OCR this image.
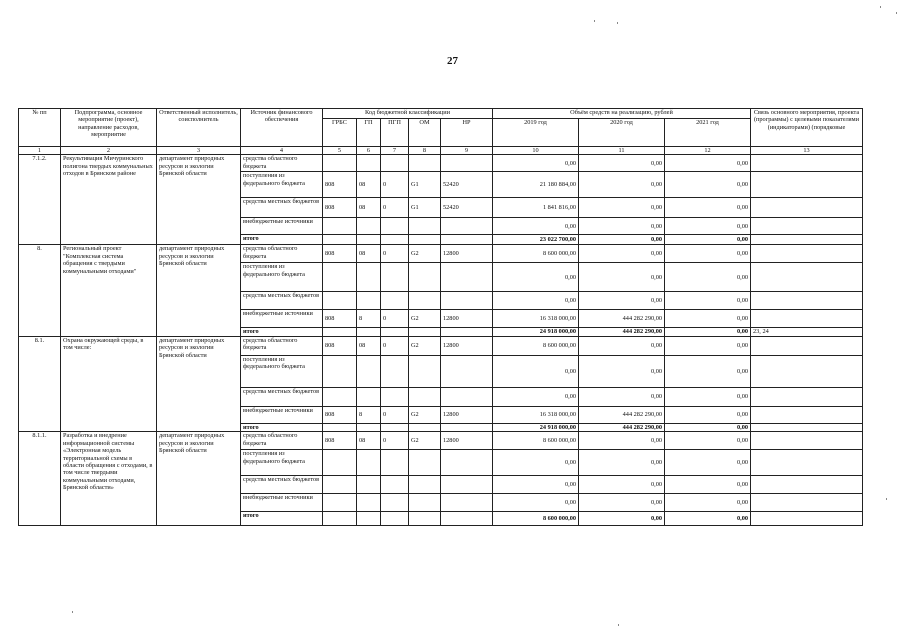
27
№ пп	Подпрограмма, основное мероприятие (проект), направление расходов, мероприятие	Ответственный исполнитель, соисполнитель	Источник финансового обеспечения	Код бюджетной классификации					Объём средств на реализацию, рублей			Связь основного мероприятия, проекта (программы) с целевыми показателями (индикаторами) (порядковые
				ГРБС	ГП	ПГП	ОМ	НР	2019 год	2020 год	2021 год	
1	2	3	4	5	6	7	8	9	10	11	12	13
7.1.2.	Рекультивация Мичуринского полигона твердых коммунальных отходов в Брянском районе	департамент природных ресурсов и экологии Брянской области	средства областного бюджета						0,00	0,00	0,00	
			поступления из федерального бюджета	808	08	0	G1	52420	21 180 884,00	0,00	0,00	
			средства местных бюджетов	808	08	0	G1	52420	1 841 816,00	0,00	0,00	
			внебюджетные источники						0,00	0,00	0,00	
			итого						23 022 700,00	0,00	0,00	
8.	Региональный проект "Комплексная система обращения с твердыми коммунальными отходами"	департамент природных ресурсов и экологии Брянской области	средства областного бюджета	808	08	0	G2	12800	8 600 000,00	0,00	0,00	
			поступления из федерального бюджета						0,00	0,00	0,00	
			средства местных бюджетов						0,00	0,00	0,00	
			внебюджетные источники	808	8	0	G2	12800	16 318 000,00	444 282 290,00	0,00	
			итого						24 918 000,00	444 282 290,00	0,00	23, 24
8.1.	Охрана окружающей среды, в том числе:	департамент природных ресурсов и экологии Брянской области	средства областного бюджета	808	08	0	G2	12800	8 600 000,00	0,00	0,00	
			поступления из федерального бюджета						0,00	0,00	0,00	
			средства местных бюджетов						0,00	0,00	0,00	
			внебюджетные источники	808	8	0	G2	12800	16 318 000,00	444 282 290,00	0,00	
			итого						24 918 000,00	444 282 290,00	0,00	
8.1.1.	Разработка и внедрение информационной системы «Электронная модель территориальной схемы в области обращения с отходами, в том числе твердыми коммунальными отходами, Брянской области»	департамент природных ресурсов и экологии Брянской области	средства областного бюджета	808	08	0	G2	12800	8 600 000,00	0,00	0,00	
			поступления из федерального бюджета						0,00	0,00	0,00	
			средства местных бюджетов						0,00	0,00	0,00	
			внебюджетные источники						0,00	0,00	0,00	
			итого						8 600 000,00	0,00	0,00	
